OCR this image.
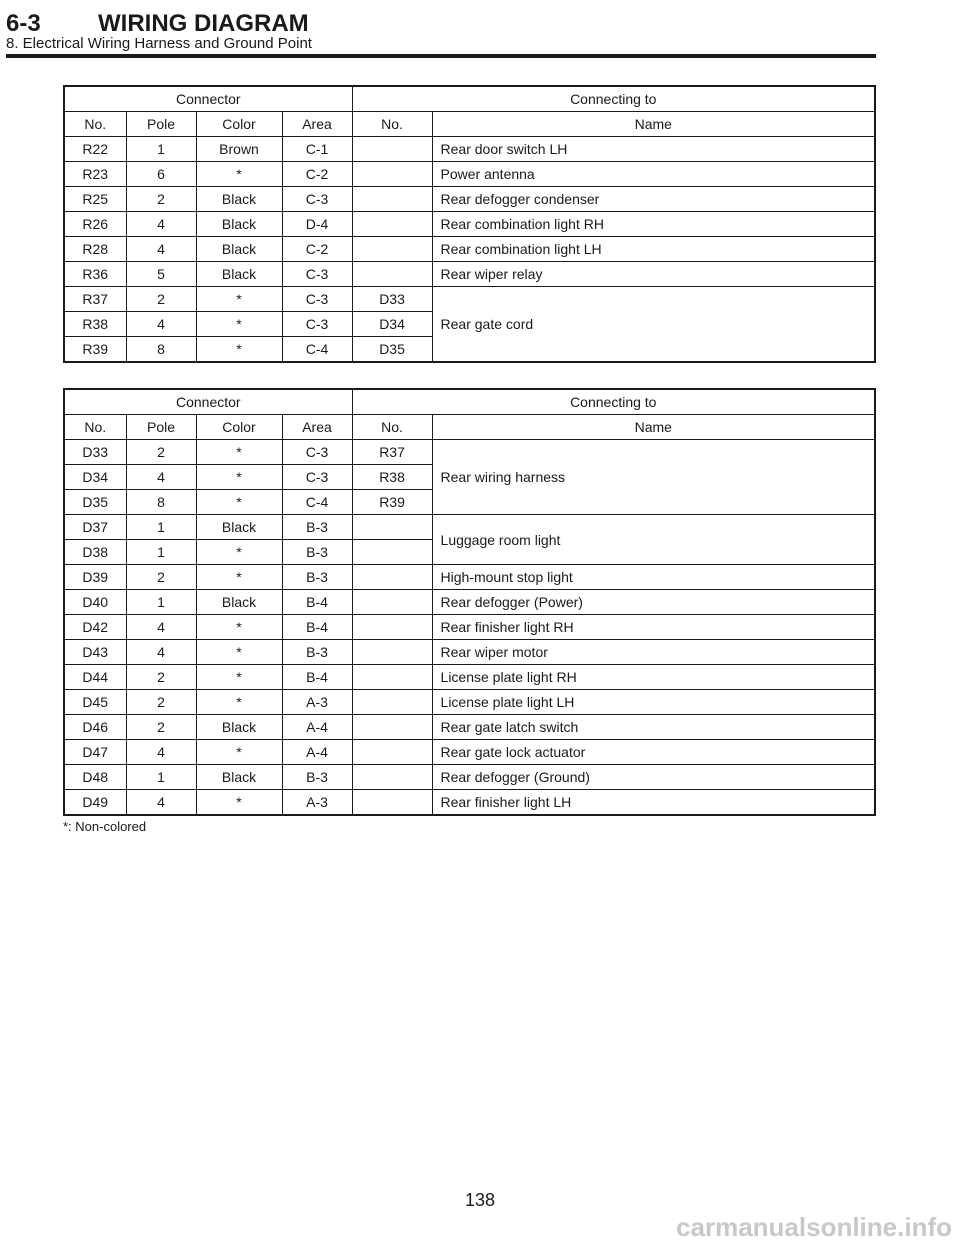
6-3 WIRING DIAGRAM
8. Electrical Wiring Harness and Ground Point
Connector				Connecting to	
No.	Pole	Color	Area	No.	Name
R22	1	Brown	C-1		Rear door switch LH
R23	6	*	C-2		Power antenna
R25	2	Black	C-3		Rear defogger condenser
R26	4	Black	D-4		Rear combination light RH
R28	4	Black	C-2		Rear combination light LH
R36	5	Black	C-3		Rear wiper relay
R37	2	*	C-3	D33	Rear gate cord
R38	4	*	C-3	D34	
R39	8	*	C-4	D35	
Connector				Connecting to	
No.	Pole	Color	Area	No.	Name
D33	2	*	C-3	R37	Rear wiring harness
D34	4	*	C-3	R38	
D35	8	*	C-4	R39	
D37	1	Black	B-3		Luggage room light
D38	1	*	B-3		
D39	2	*	B-3		High-mount stop light
D40	1	Black	B-4		Rear defogger (Power)
D42	4	*	B-4		Rear finisher light RH
D43	4	*	B-3		Rear wiper motor
D44	2	*	B-4		License plate light RH
D45	2	*	A-3		License plate light LH
D46	2	Black	A-4		Rear gate latch switch
D47	4	*	A-4		Rear gate lock actuator
D48	1	Black	B-3		Rear defogger (Ground)
D49	4	*	A-3		Rear finisher light LH
*: Non-colored
138
carmanualsonline.info
